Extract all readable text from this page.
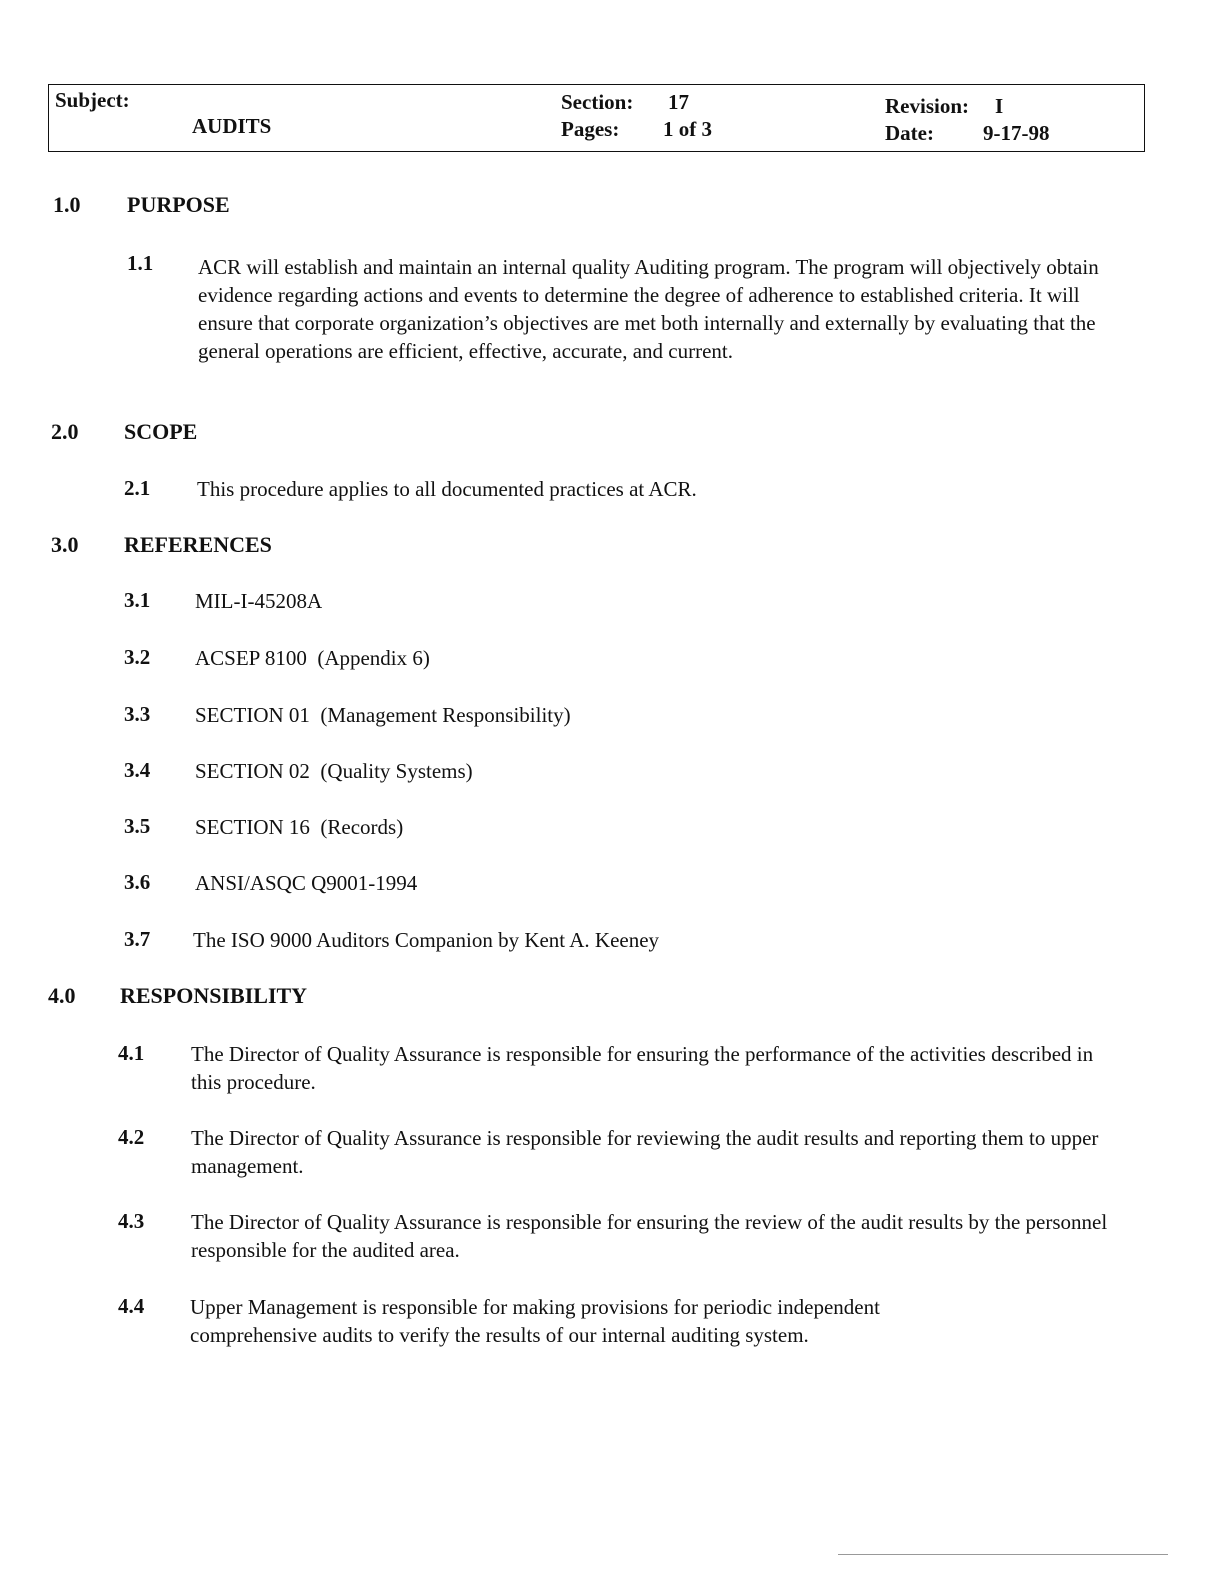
Subject:
AUDITS
Section: 17
Pages: 1 of 3
Revision: I
Date: 9-17-98
1.0 PURPOSE
1.1 ACR will establish and maintain an internal quality Auditing program. The program will objectively obtain evidence regarding actions and events to determine the degree of adherence to established criteria. It will ensure that corporate organization’s objectives are met both internally and externally by evaluating that the general operations are efficient, effective, accurate, and current.
2.0 SCOPE
2.1 This procedure applies to all documented practices at ACR.
3.0 REFERENCES
3.1 MIL-I-45208A
3.2 ACSEP 8100  (Appendix 6)
3.3 SECTION 01  (Management Responsibility)
3.4 SECTION 02  (Quality Systems)
3.5 SECTION 16  (Records)
3.6 ANSI/ASQC Q9001-1994
3.7 The ISO 9000 Auditors Companion by Kent A. Keeney
4.0 RESPONSIBILITY
4.1 The Director of Quality Assurance is responsible for ensuring the performance of the activities described in this procedure.
4.2 The Director of Quality Assurance is responsible for reviewing the audit results and reporting them to upper management.
4.3 The Director of Quality Assurance is responsible for ensuring the review of the audit results by the personnel responsible for the audited area.
4.4 Upper Management is responsible for making provisions for periodic independent comprehensive audits to verify the results of our internal auditing system.
